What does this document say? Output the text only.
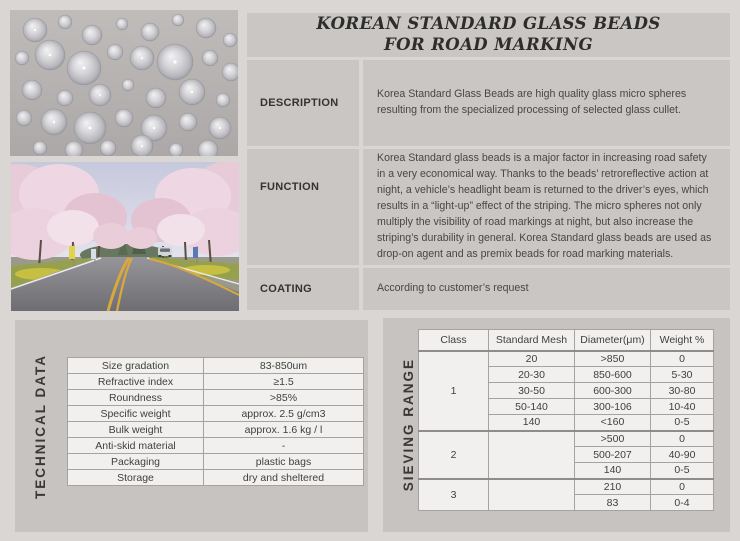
KOREAN STANDARD GLASS BEADS
FOR ROAD MARKING
DESCRIPTION

Korea Standard Glass Beads are high quality glass micro spheres resulting from the specialized processing of selected glass cullet.

FUNCTION

Korea Standard glass beads is a major factor in increasing road safety in a very economical way. Thanks to the beads’ retroreflective action at night, a vehicle’s headlight beam is returned to the driver’s eyes, which results in a “light-up” effect of the striping. The micro spheres not only multiply the visibility of road markings at night, but also increase the striping’s durability in general. Korea Standard glass beads are used as drop-on agent and as premix beads for road marking materials.

COATING	According to customer’s request

TECHNICAL DATA	Size gradation	83-850um
Refractive index	≥1.5
Roundness	>85%
Specific weight	approx. 2.5 g/cm3
Bulk weight	approx. 1.6 kg / l
Anti-skid material	-
Packaging	plastic bags
Storage	dry and sheltered	SIEVING RANGE
Class	Standard Mesh	Diameter(μm)	Weight %
1	20	>850	0
	20-30	850-600	5-30
	30-50	600-300	30-80
	50-140	300-106	10-40
	140	<160	0-5
2		>500	0
		500-207	40-90
		140	0-5
3		210	0
		83	0-4
